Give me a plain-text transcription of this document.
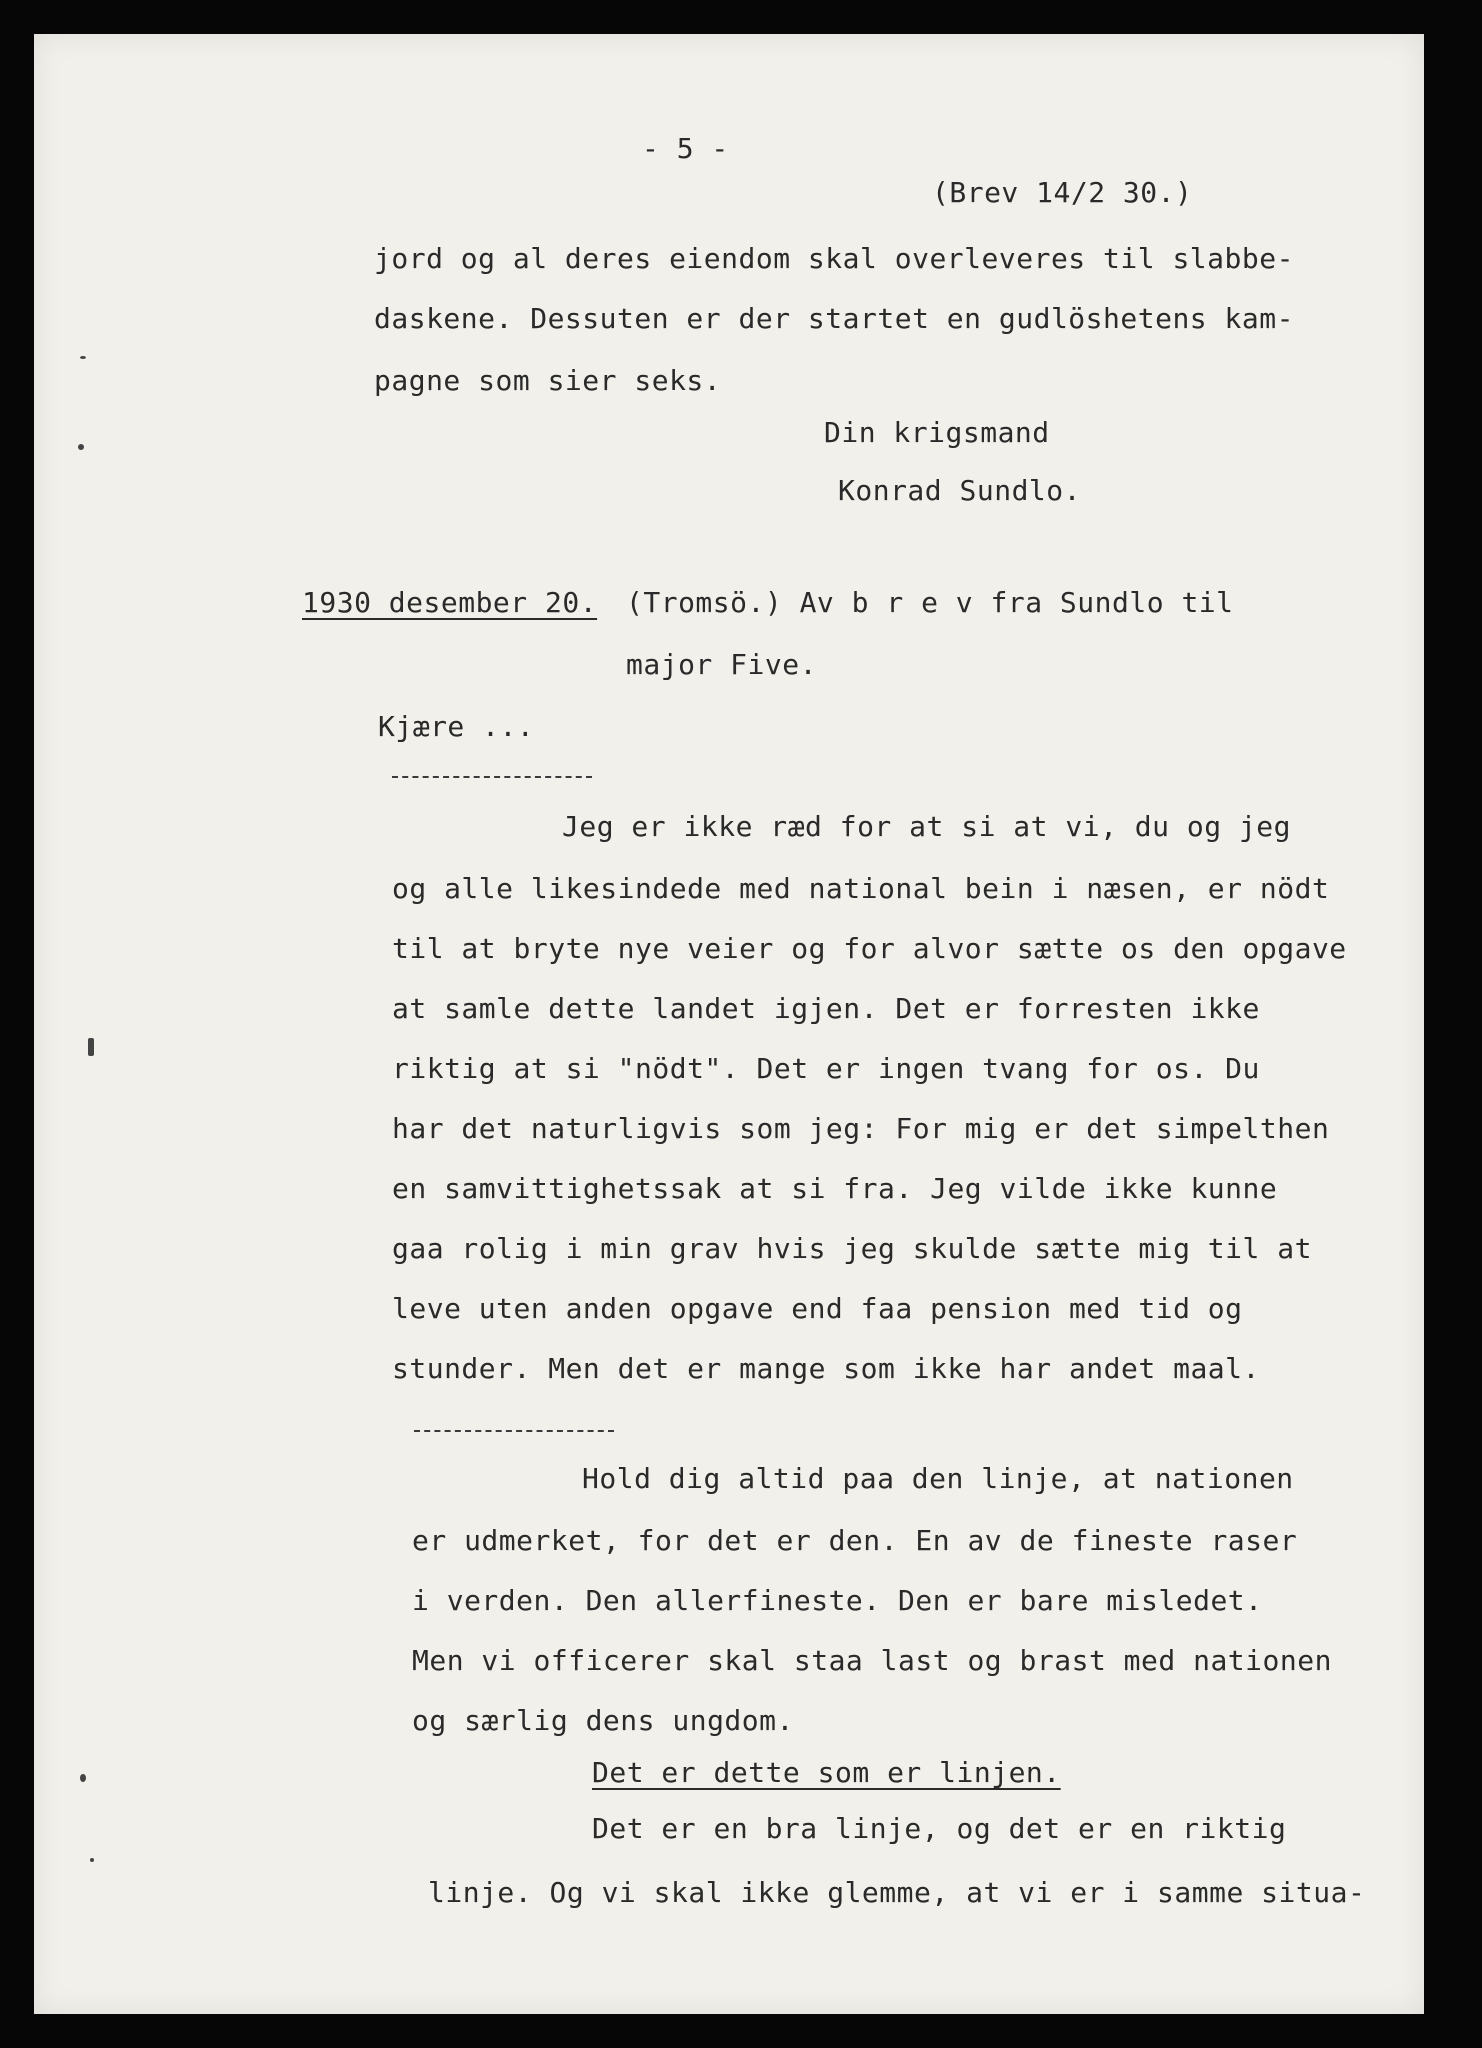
- 5 -
(Brev 14/2 30.)
jord og al deres eiendom skal overleveres til slabbe-
daskene. Dessuten er der startet en gudlöshetens kam-
pagne som sier seks.
Din krigsmand
Konrad Sundlo.
1930 desember 20. (Tromsö.) Av b r e v fra Sundlo til
major Five.
Kjære ...
Jeg er ikke ræd for at si at vi, du og jeg
og alle likesindede med national bein i næsen, er nödt
til at bryte nye veier og for alvor sætte os den opgave
at samle dette landet igjen. Det er forresten ikke
riktig at si "nödt". Det er ingen tvang for os. Du
har det naturligvis som jeg: For mig er det simpelthen
en samvittighetssak at si fra. Jeg vilde ikke kunne
gaa rolig i min grav hvis jeg skulde sætte mig til at
leve uten anden opgave end faa pension med tid og
stunder. Men det er mange som ikke har andet maal.
Hold dig altid paa den linje, at nationen
er udmerket, for det er den. En av de fineste raser
i verden. Den allerfineste. Den er bare misledet.
Men vi officerer skal staa last og brast med nationen
og særlig dens ungdom.
Det er dette som er linjen.
Det er en bra linje, og det er en riktig
linje. Og vi skal ikke glemme, at vi er i samme situa-
